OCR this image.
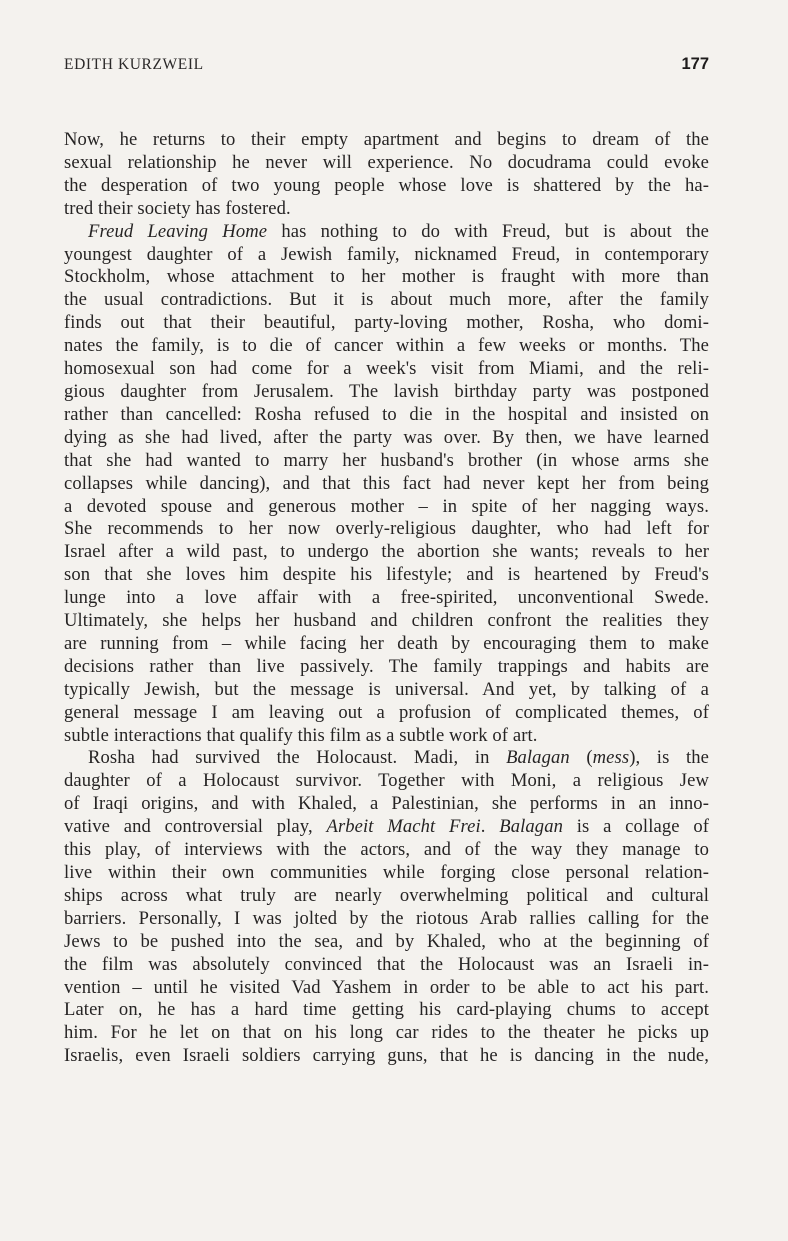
EDITH KURZWEIL	177
Now, he returns to their empty apartment and begins to dream of the
sexual relationship he never will experience. No docudrama could evoke
the desperation of two young people whose love is shattered by the ha-
tred their society has fostered.
Freud Leaving Home has nothing to do with Freud, but is about the
youngest daughter of a Jewish family, nicknamed Freud, in contemporary
Stockholm, whose attachment to her mother is fraught with more than
the usual contradictions. But it is about much more, after the family
finds out that their beautiful, party-loving mother, Rosha, who domi-
nates the family, is to die of cancer within a few weeks or months. The
homosexual son had come for a week's visit from Miami, and the reli-
gious daughter from Jerusalem. The lavish birthday party was postponed
rather than cancelled: Rosha refused to die in the hospital and insisted on
dying as she had lived, after the party was over. By then, we have learned
that she had wanted to marry her husband's brother (in whose arms she
collapses while dancing), and that this fact had never kept her from being
a devoted spouse and generous mother – in spite of her nagging ways.
She recommends to her now overly-religious daughter, who had left for
Israel after a wild past, to undergo the abortion she wants; reveals to her
son that she loves him despite his lifestyle; and is heartened by Freud's
lunge into a love affair with a free-spirited, unconventional Swede.
Ultimately, she helps her husband and children confront the realities they
are running from – while facing her death by encouraging them to make
decisions rather than live passively. The family trappings and habits are
typically Jewish, but the message is universal. And yet, by talking of a
general message I am leaving out a profusion of complicated themes, of
subtle interactions that qualify this film as a subtle work of art.
Rosha had survived the Holocaust. Madi, in Balagan (mess), is the
daughter of a Holocaust survivor. Together with Moni, a religious Jew
of Iraqi origins, and with Khaled, a Palestinian, she performs in an inno-
vative and controversial play, Arbeit Macht Frei. Balagan is a collage of
this play, of interviews with the actors, and of the way they manage to
live within their own communities while forging close personal relation-
ships across what truly are nearly overwhelming political and cultural
barriers. Personally, I was jolted by the riotous Arab rallies calling for the
Jews to be pushed into the sea, and by Khaled, who at the beginning of
the film was absolutely convinced that the Holocaust was an Israeli in-
vention – until he visited Vad Yashem in order to be able to act his part.
Later on, he has a hard time getting his card-playing chums to accept
him. For he let on that on his long car rides to the theater he picks up
Israelis, even Israeli soldiers carrying guns, that he is dancing in the nude,
